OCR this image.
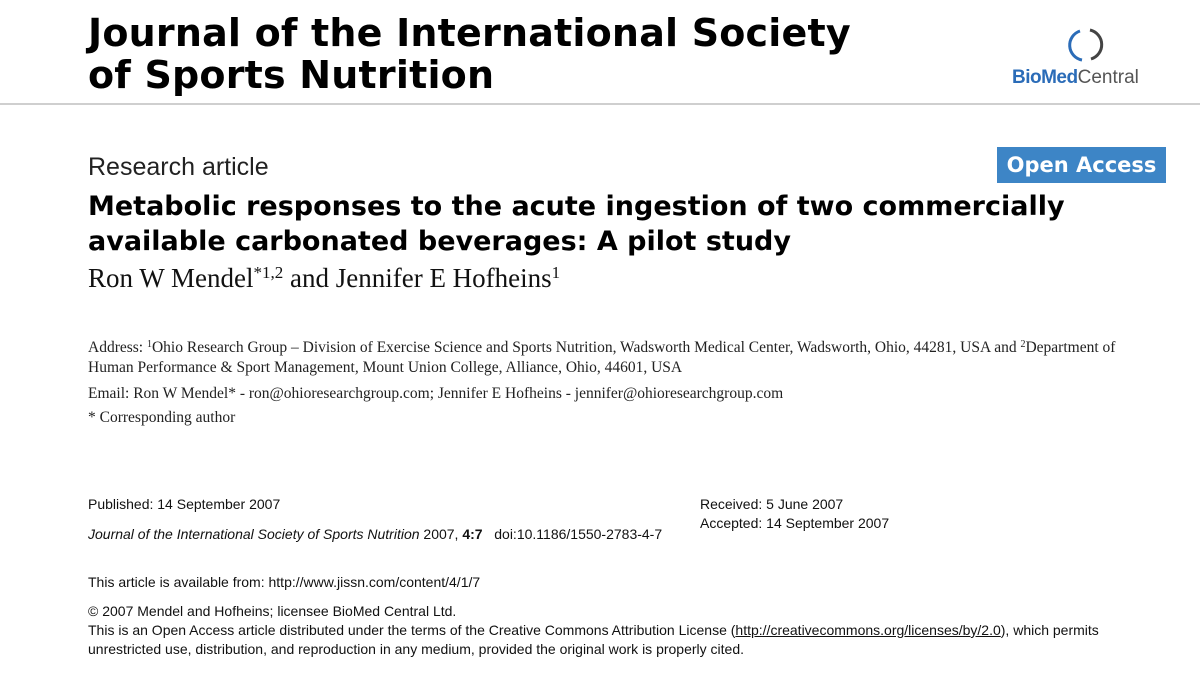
Journal of the International Society
of Sports Nutrition	BioMedCentral
Research article	Open Access
Metabolic responses to the acute ingestion of two commercially available carbonated beverages: A pilot study
Ron W Mendel$^{*1,2}$ and Jennifer E Hofheins$^1$
Address: $^1$Ohio Research Group – Division of Exercise Science and Sports Nutrition, Wadsworth Medical Center, Wadsworth, Ohio, 44281, USA and $^2$Department of Human Performance & Sport Management, Mount Union College, Alliance, Ohio, 44601, USA
Email: Ron W Mendel* - ron@ohioresearchgroup.com; Jennifer E Hofheins - jennifer@ohioresearchgroup.com
* Corresponding author
Published: 14 September 2007	Received: 5 June 2007
Accepted: 14 September 2007
Journal of the International Society of Sports Nutrition 2007, 4:7   doi:10.1186/1550-2783-4-7
This article is available from: http://www.jissn.com/content/4/1/7
© 2007 Mendel and Hofheins; licensee BioMed Central Ltd.
This is an Open Access article distributed under the terms of the Creative Commons Attribution License (http://creativecommons.org/licenses/by/2.0), which permits unrestricted use, distribution, and reproduction in any medium, provided the original work is properly cited.
